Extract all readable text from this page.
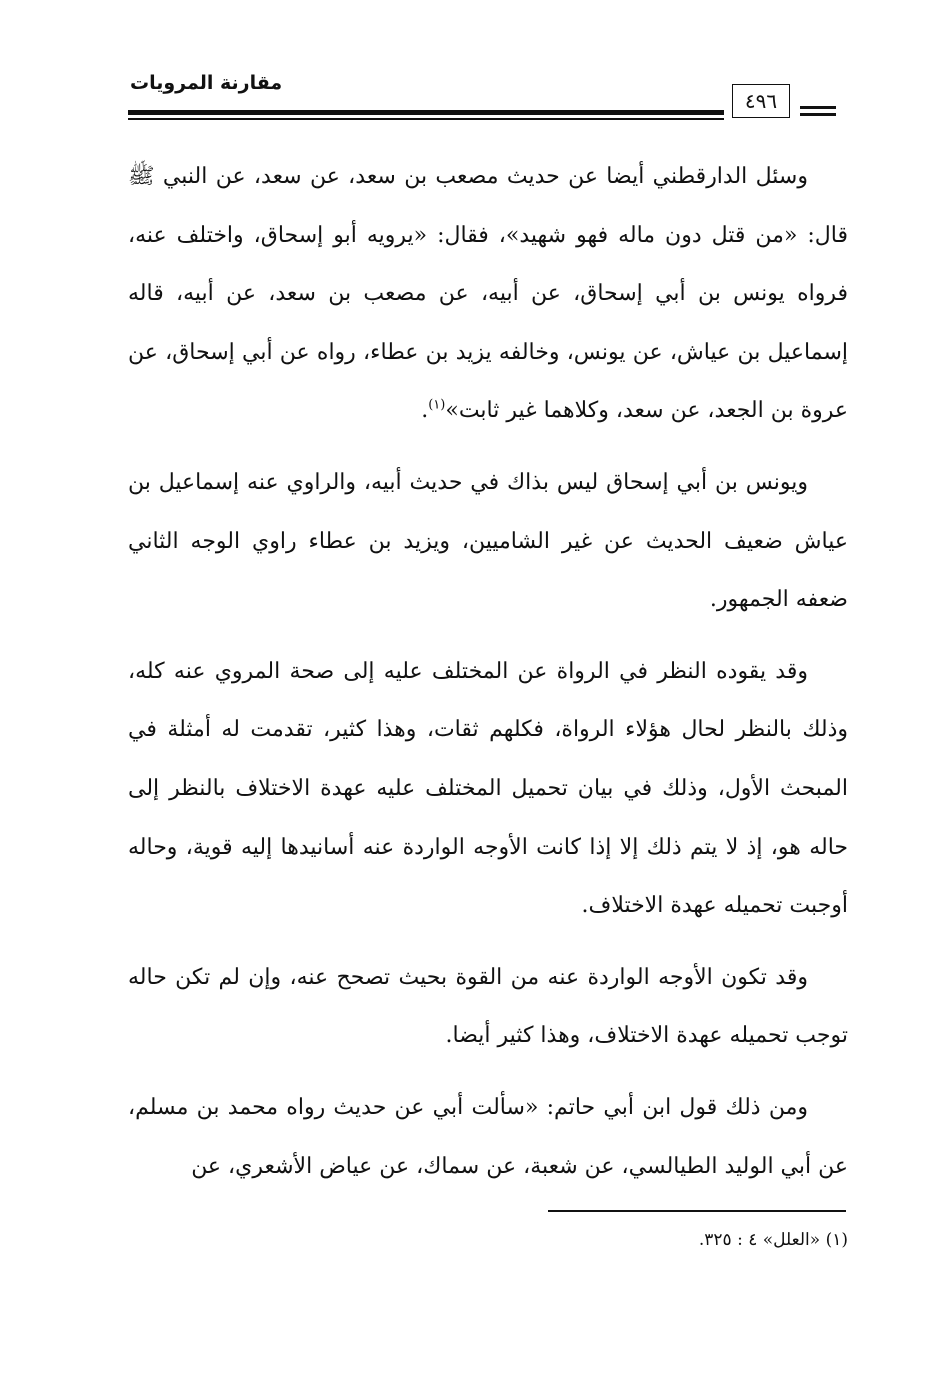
مقارنة المرويات
٤٩٦

وسئل الدارقطني أيضا عن حديث مصعب بن سعد، عن سعد، عن النبي ﷺ قال: «من قتل دون ماله فهو شهيد»، فقال: «يرويه أبو إسحاق، واختلف عنه، فرواه يونس بن أبي إسحاق، عن أبيه، عن مصعب بن سعد، عن أبيه، قاله إسماعيل بن عياش، عن يونس، وخالفه يزيد بن عطاء، رواه عن أبي إسحاق، عن عروة بن الجعد، عن سعد، وكلاهما غير ثابت»$^{(١)}$.

ويونس بن أبي إسحاق ليس بذاك في حديث أبيه، والراوي عنه إسماعيل بن عياش ضعيف الحديث عن غير الشاميين، ويزيد بن عطاء راوي الوجه الثاني ضعفه الجمهور.

وقد يقوده النظر في الرواة عن المختلف عليه إلى صحة المروي عنه كله، وذلك بالنظر لحال هؤلاء الرواة، فكلهم ثقات، وهذا كثير، تقدمت له أمثلة في المبحث الأول، وذلك في بيان تحميل المختلف عليه عهدة الاختلاف بالنظر إلى حاله هو، إذ لا يتم ذلك إلا إذا كانت الأوجه الواردة عنه أسانيدها إليه قوية، وحاله أوجبت تحميله عهدة الاختلاف.

وقد تكون الأوجه الواردة عنه من القوة بحيث تصحح عنه، وإن لم تكن حاله توجب تحميله عهدة الاختلاف، وهذا كثير أيضا.

ومن ذلك قول ابن أبي حاتم: «سألت أبي عن حديث رواه محمد بن مسلم، عن أبي الوليد الطيالسي، عن شعبة، عن سماك، عن عياض الأشعري، عن

(١) «العلل» ٤ : ٣٢٥.
